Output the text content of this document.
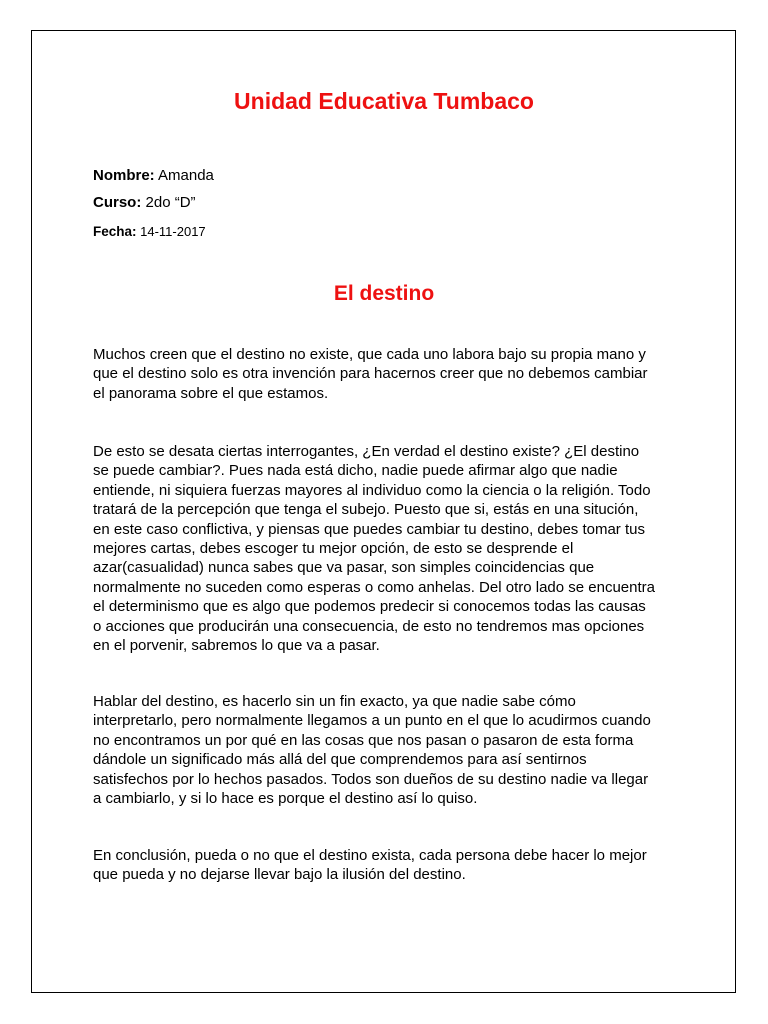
Unidad Educativa Tumbaco

Nombre: Amanda

Curso: 2do “D”

Fecha: 14-11-2017

El destino

Muchos creen que el destino no existe, que cada uno labora bajo su propia mano y
que el destino solo es otra invención para hacernos creer que no debemos cambiar
el panorama sobre el que estamos.

De esto se desata ciertas interrogantes, ¿En verdad el destino existe? ¿El destino
se puede cambiar?. Pues nada está dicho, nadie puede afirmar algo que nadie
entiende, ni siquiera fuerzas mayores al individuo como la ciencia o la religión. Todo
tratará de la percepción que tenga el subejo. Puesto que si, estás en una situción,
en este caso conflictiva, y piensas que puedes cambiar tu destino, debes tomar tus
mejores cartas, debes escoger tu mejor opción, de esto se desprende el
azar(casualidad) nunca sabes que va pasar, son simples coincidencias que
normalmente no suceden como esperas o como anhelas. Del otro lado se encuentra
el determinismo que es algo que podemos predecir si conocemos todas las causas
o acciones que producirán una consecuencia, de esto no tendremos mas opciones
en el porvenir, sabremos lo que va a pasar.

Hablar del destino, es hacerlo sin un fin exacto, ya que nadie sabe cómo
interpretarlo, pero normalmente llegamos a un punto en el que lo acudirmos cuando
no encontramos un por qué en las cosas que nos pasan o pasaron de esta forma
dándole un significado más allá del que comprendemos para así sentirnos
satisfechos por lo hechos pasados. Todos son dueños de su destino nadie va llegar
a cambiarlo, y si lo hace es porque el destino así lo quiso.

En conclusión, pueda o no que el destino exista, cada persona debe hacer lo mejor
que pueda y no dejarse llevar bajo la ilusión del destino.
